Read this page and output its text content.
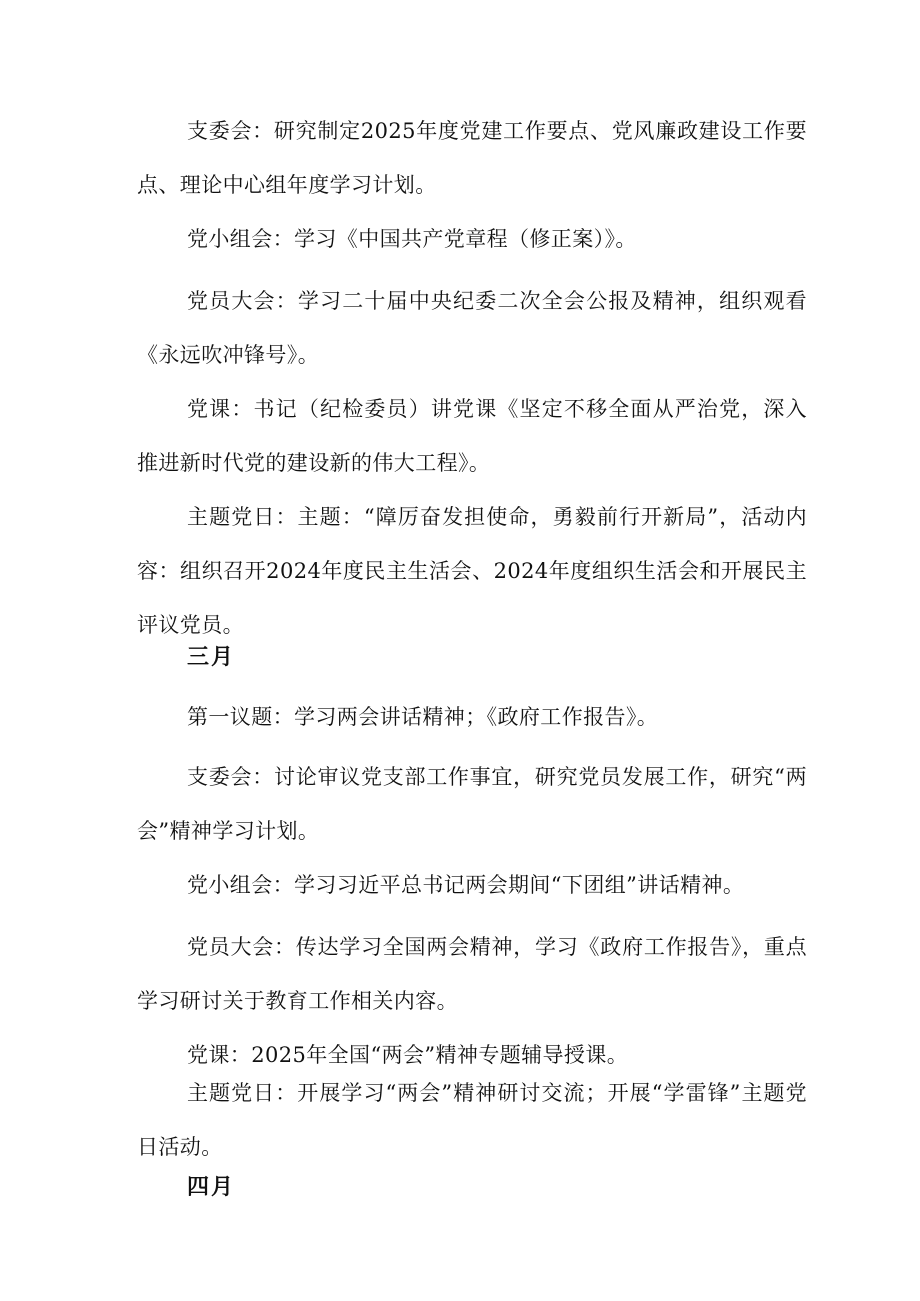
支委会：研究制定2025年度党建工作要点、党风廉政建设工作要点、理论中心组年度学习计划。

党小组会：学习《中国共产党章程（修正案）》。

党员大会：学习二十届中央纪委二次全会公报及精神，组织观看《永远吹冲锋号》。

党课：书记（纪检委员）讲党课《坚定不移全面从严治党，深入推进新时代党的建设新的伟大工程》。

主题党日：主题：“障厉奋发担使命，勇毅前行开新局”，活动内容：组织召开2024年度民主生活会、2024年度组织生活会和开展民主评议党员。

三月

第一议题：学习两会讲话精神；《政府工作报告》。

支委会：讨论审议党支部工作事宜，研究党员发展工作，研究“两会”精神学习计划。

党小组会：学习习近平总书记两会期间“下团组”讲话精神。

党员大会：传达学习全国两会精神，学习《政府工作报告》，重点学习研讨关于教育工作相关内容。

党课：2025年全国“两会”精神专题辅导授课。

主题党日：开展学习“两会”精神研讨交流；开展“学雷锋”主题党日活动。

四月
